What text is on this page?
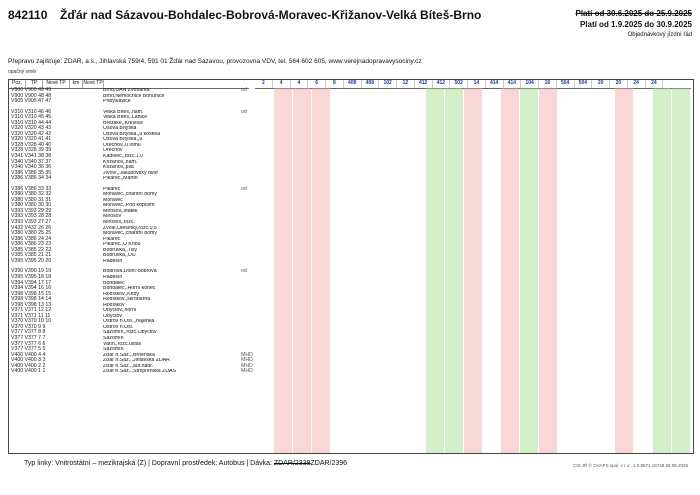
842110 Žďár nad Sázavou-Bohdalec-Bobrová-Moravec-Křižanov-Velká Bíteš-Brno	Platí od 30.6.2025 do 25.9.2025
Platí od 1.9.2025 do 30.9.2025
Objednávkový jízdní řád
Přepravu zajišťuje: ZDAR, a.s., Jihlavská 759/4, 591 01 Žďár nad Sázavou, provozovna VDV, tel. 564 602 605, www.verejnadopravavysociny.cz
opačný směr
Poz.	TP	Nové TP	km Nové TP	2	4	4	6	8	408	408	102	12	412	412	502	14	414	414	104	16	504	504	20	20	24	24
V900 V900 49 49	Brno,ÚAN Zvonařka	od
V900 V900 48 48	Brno,Nemocnice Bohunice
V905 V905 47 47	Přibyslavice
V310 V310 46 46	Velká Bíteš,,nám.	od
V310 V310 45 45	Velká Bíteš,,Lánice
V310 V310 44 44	Březské,,Křevlice
V320 V320 43 43	Osová Bítýška
V320 V320 42 42	Osová Bítýška,,u kostela
V320 V320 41 41	Osová Bítýška,,u
V328 V328 40 40	Ořechov,,u lomu
V328 V328 39 39	Ořechov
V341 V341 38 38	Kadolec,,rozc.1.0
V340 V340 37 37	Křižanov,,nám.
V340 V340 36 36	Křižanov,,pila
V386 V386 35 35	Jívoví,,Jakubovský dvůr
V386 V386 34 34	Pikárec,,Martin
V386 V386 33 33	Pikárec	od
V380 V380 32 32	Moravec,,charitní domy
V380 V380 31 31	Moravec
V380 V380 30 30	Moravec,,Pod kopcem
V393 V393 29 29	Mirošov,,statek
V393 V393 28 28	Mirošov
V393 V393 27 27	Mirošov,,rozc.
V432 V432 26 26	Zvole,Olešínky,rozc.0.5
V380 V380 25 25	Moravec,,charitní domy
V386 V386 24 24	Pikárec
V386 V386 23 23	Pikárec,,U Křibu
V385 V385 22 22	Bobrůvka,,Tisy
V385 V385 21 21	Bobrůvka,,OÚ
V395 V395 20 20	Radešín
V390 V390 19 19	Bobrová,Dolní Bobrová	od
V395 V395 18 18	Radešín
V394 V394 17 17	Bohdalec
V394 V394 16 16	Bohdalec,,Horní konec
V398 V398 15 15	Hodíškov,,Křiby
V398 V398 14 14	Hodíškov,,škrobárna
V398 V398 13 13	Hodíškov
V371 V371 12 12	Obyčtov,,horní
V371 V371 11 11	Obyčtov
V370 V370 10 10	Ostrov n.Osl.,,hájenka
V370 V370 9 9	Ostrov n.Osl.
V377 V377 8 8	Sazomín,,rozc.Obyčtov
V377 V377 7 7	Sazomín
V377 V377 6 6	Vatín,,rozc.ústav
V377 V377 5 5	Sazomín
V400 V400 4 4	Žďár n.Sáz.,,Brněnská	MHD
V400 V400 3 3	Žďár n.Sáz.,,Jihlavská ŽDAR	MHD
V400 V400 2 2	Žďár n.Sáz.,,aut.nádr.	MHD
V400 V400 1 1	Žďár n.Sáz.,,Strojírenská ŽĎAS	MHD
Typ linky: Vnitrostátní – mezikrajská (Z) | Dopravní prostředek: Autobus | Dávka: ZDAR/2338ZDAR/2396	CIS JŘ © CHAPS spol. s r.o., 1.0.8971.16748 28.08.2025
